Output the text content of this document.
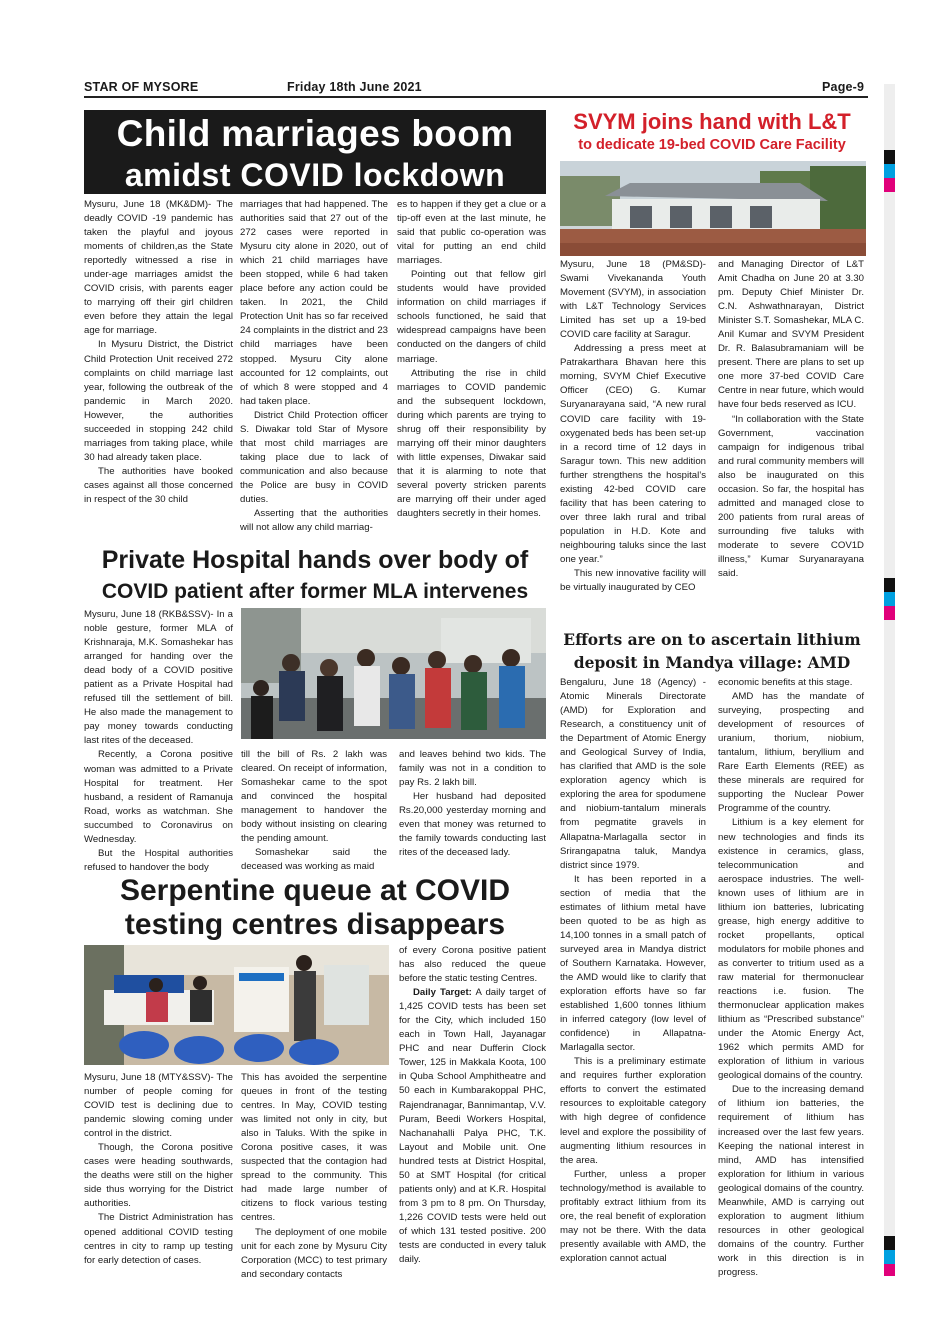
STAR OF MYSORE	Friday 18th June 2021	Page-9
Child marriages boom
amidst COVID lockdown

Mysuru, June 18 (MK&DM)- The deadly COVID -19 pandemic has taken the playful and joyous moments of children,as the State reportedly witnessed a rise in under-age marriages amidst the COVID crisis, with parents eager to marrying off their girl children even before they attain the legal age for marriage.

In Mysuru District, the District Child Protection Unit received 272 complaints on child marriage last year, following the outbreak of the pandemic in March 2020. However, the authorities succeeded in stopping 242 child marriages from taking place, while 30 had already taken place.

The authorities have booked cases against all those concerned in respect of the 30 child

marriages that had happened. The authorities said that 27 out of the 272 cases were reported in Mysuru city alone in 2020, out of which 21 child marriages have been stopped, while 6 had taken place before any action could be taken. In 2021, the Child Protection Unit has so far received 24 complaints in the district and 23 child marriages have been stopped. Mysuru City alone accounted for 12 complaints, out of which 8 were stopped and 4 had taken place.

District Child Protection officer S. Diwakar told Star of Mysore that most child marriages are taking place due to lack of communication and also because the Police are busy in COVID duties.

Asserting that the authorities will not allow any child marriag-

es to happen if they get a clue or a tip-off even at the last minute, he said that public co-operation was vital for putting an end child marriages.

Pointing out that fellow girl students would have provided information on child marriages if schools functioned, he said that widespread campaigns have been conducted on the dangers of child marriage.

Attributing the rise in child marriages to COVID pandemic and the subsequent lockdown, during which parents are trying to shrug off their responsibility by marrying off their minor daughters with little expenses, Diwakar said that it is alarming to note that several poverty stricken parents are marrying off their under aged daughters secretly in their homes.

SVYM joins hand with L&T
to dedicate 19-bed COVID Care Facility

Mysuru, June 18 (PM&SD)- Swami Vivekananda Youth Movement (SVYM), in association with L&T Technology Services Limited has set up a 19-bed COVID care facility at Saragur.

Addressing a press meet at Patrakarthara Bhavan here this morning, SVYM Chief Executive Officer (CEO) G. Kumar Suryanarayana said, “A new rural COVID care facility with 19-oxygenated beds has been set-up in a record time of 12 days in Saragur town. This new addition further strengthens the hospital’s existing 42-bed COVID care facility that has been catering to over three lakh rural and tribal population in H.D. Kote and neighbouring taluks since the last one year.”

This new innovative facility will be virtually inaugurated by CEO

and Managing Director of L&T Amit Chadha on June 20 at 3.30 pm. Deputy Chief Minister Dr. C.N. Ashwathnarayan, District Minister S.T. Somashekar, MLA C. Anil Kumar and SVYM President Dr. R. Balasubramaniam will be present. There are plans to set up one more 37-bed COVID Care Centre in near future, which would have four beds reserved as ICU.

“In collaboration with the State Government, vaccination campaign for indigenous tribal and rural community members will also be inaugurated on this occasion. So far, the hospital has admitted and managed close to 200 patients from rural areas of surrounding five taluks with moderate to severe COV1D illness,” Kumar Suryanarayana said.

Private Hospital hands over body of
COVID patient after former MLA intervenes

Mysuru, June 18 (RKB&SSV)- In a noble gesture, former MLA of Krishnaraja, M.K. Somashekar has arranged for handing over the dead body of a COVID positive patient as a Private Hospital had refused till the settlement of bill. He also made the management to pay money towards conducting last rites of the deceased.

Recently, a Corona positive woman was admitted to a Private Hospital for treatment. Her husband, a resident of Ramanuja Road, works as watchman. She succumbed to Coronavirus on Wednesday.

But the Hospital authorities refused to handover the body

till the bill of Rs. 2 lakh was cleared. On receipt of information, Somashekar came to the spot and convinced the hospital management to handover the body without insisting on clearing the pending amount.

Somashekar said the deceased was working as maid

and leaves behind two kids. The family was not in a condition to pay Rs. 2 lakh bill.

Her husband had deposited Rs.20,000 yesterday morning and even that money was returned to the family towards conducting last rites of the deceased lady.

Efforts are on to ascertain lithium
deposit in Mandya village: AMD

Bengaluru, June 18 (Agency) - Atomic Minerals Directorate (AMD) for Exploration and Research, a constituency unit of the Department of Atomic Energy and Geological Survey of India, has clarified that AMD is the sole exploration agency which is exploring the area for spodumene and niobium-tantalum minerals from pegmatite gravels in Allapatna-Marlagalla sector in Srirangapatna taluk, Mandya district since 1979.

It has been reported in a section of media that the estimates of lithium metal have been quoted to be as high as 14,100 tonnes in a small patch of surveyed area in Mandya district of Southern Karnataka. However, the AMD would like to clarify that exploration efforts have so far established 1,600 tonnes lithium in inferred category (low level of confidence) in Allapatna-Marlagalla sector.

This is a preliminary estimate and requires further exploration efforts to convert the estimated resources to exploitable category with high degree of confidence level and explore the possibility of augmenting lithium resources in the area.

Further, unless a proper technology/method is available to profitably extract lithium from its ore, the real benefit of exploration may not be there. With the data presently available with AMD, the exploration cannot actual

economic benefits at this stage.

AMD has the mandate of surveying, prospecting and development of resources of uranium, thorium, niobium, tantalum, lithium, beryllium and Rare Earth Elements (REE) as these minerals are required for supporting the Nuclear Power Programme of the country.

Lithium is a key element for new technologies and finds its existence in ceramics, glass, telecommunication and aerospace industries. The well-known uses of lithium are in lithium ion batteries, lubricating grease, high energy additive to rocket propellants, optical modulators for mobile phones and as converter to tritium used as a raw material for thermonuclear reactions i.e. fusion. The thermonuclear application makes lithium as “Prescribed substance” under the Atomic Energy Act, 1962 which permits AMD for exploration of lithium in various geological domains of the country.

Due to the increasing demand of lithium ion batteries, the requirement of lithium has increased over the last few years. Keeping the national interest in mind, AMD has intensified exploration for lithium in various geological domains of the country. Meanwhile, AMD is carrying out exploration to augment lithium resources in other geological domains of the country. Further work in this direction is in progress.

Serpentine queue at COVID
testing centres disappears

Mysuru, June 18 (MTY&SSV)- The number of people coming for COVID test is declining due to pandemic slowing coming under control in the district.

Though, the Corona positive cases were heading southwards, the deaths were still on the higher side thus worrying for the District authorities.

The District Administration has opened additional COVID testing centres in city to ramp up testing for early detection of cases.

This has avoided the serpentine queues in front of the testing centres. In May, COVID testing was limited not only in city, but also in Taluks. With the spike in Corona positive cases, it was suspected that the contagion had spread to the community. This had made large number of citizens to flock various testing centres.

The deployment of one mobile unit for each zone by Mysuru City Corporation (MCC) to test primary and secondary contacts

of every Corona positive patient has also reduced the queue before the static testing Centres.

Daily Target: A daily target of 1,425 COVID tests has been set for the City, which included 150 each in Town Hall, Jayanagar PHC and near Dufferin Clock Tower, 125 in Makkala Koota, 100 in Quba School Amphitheatre and 50 each in Kumbarakoppal PHC, Rajendranagar, Bannimantap, V.V. Puram, Beedi Workers Hospital, Nachanahalli Palya PHC, T.K. Layout and Mobile unit. One hundred tests at District Hospital, 50 at SMT Hospital (for critical patients only) and at K.R. Hospital from 3 pm to 8 pm. On Thursday, 1,226 COVID tests were held out of which 131 tested positive. 200 tests are conducted in every taluk daily.
